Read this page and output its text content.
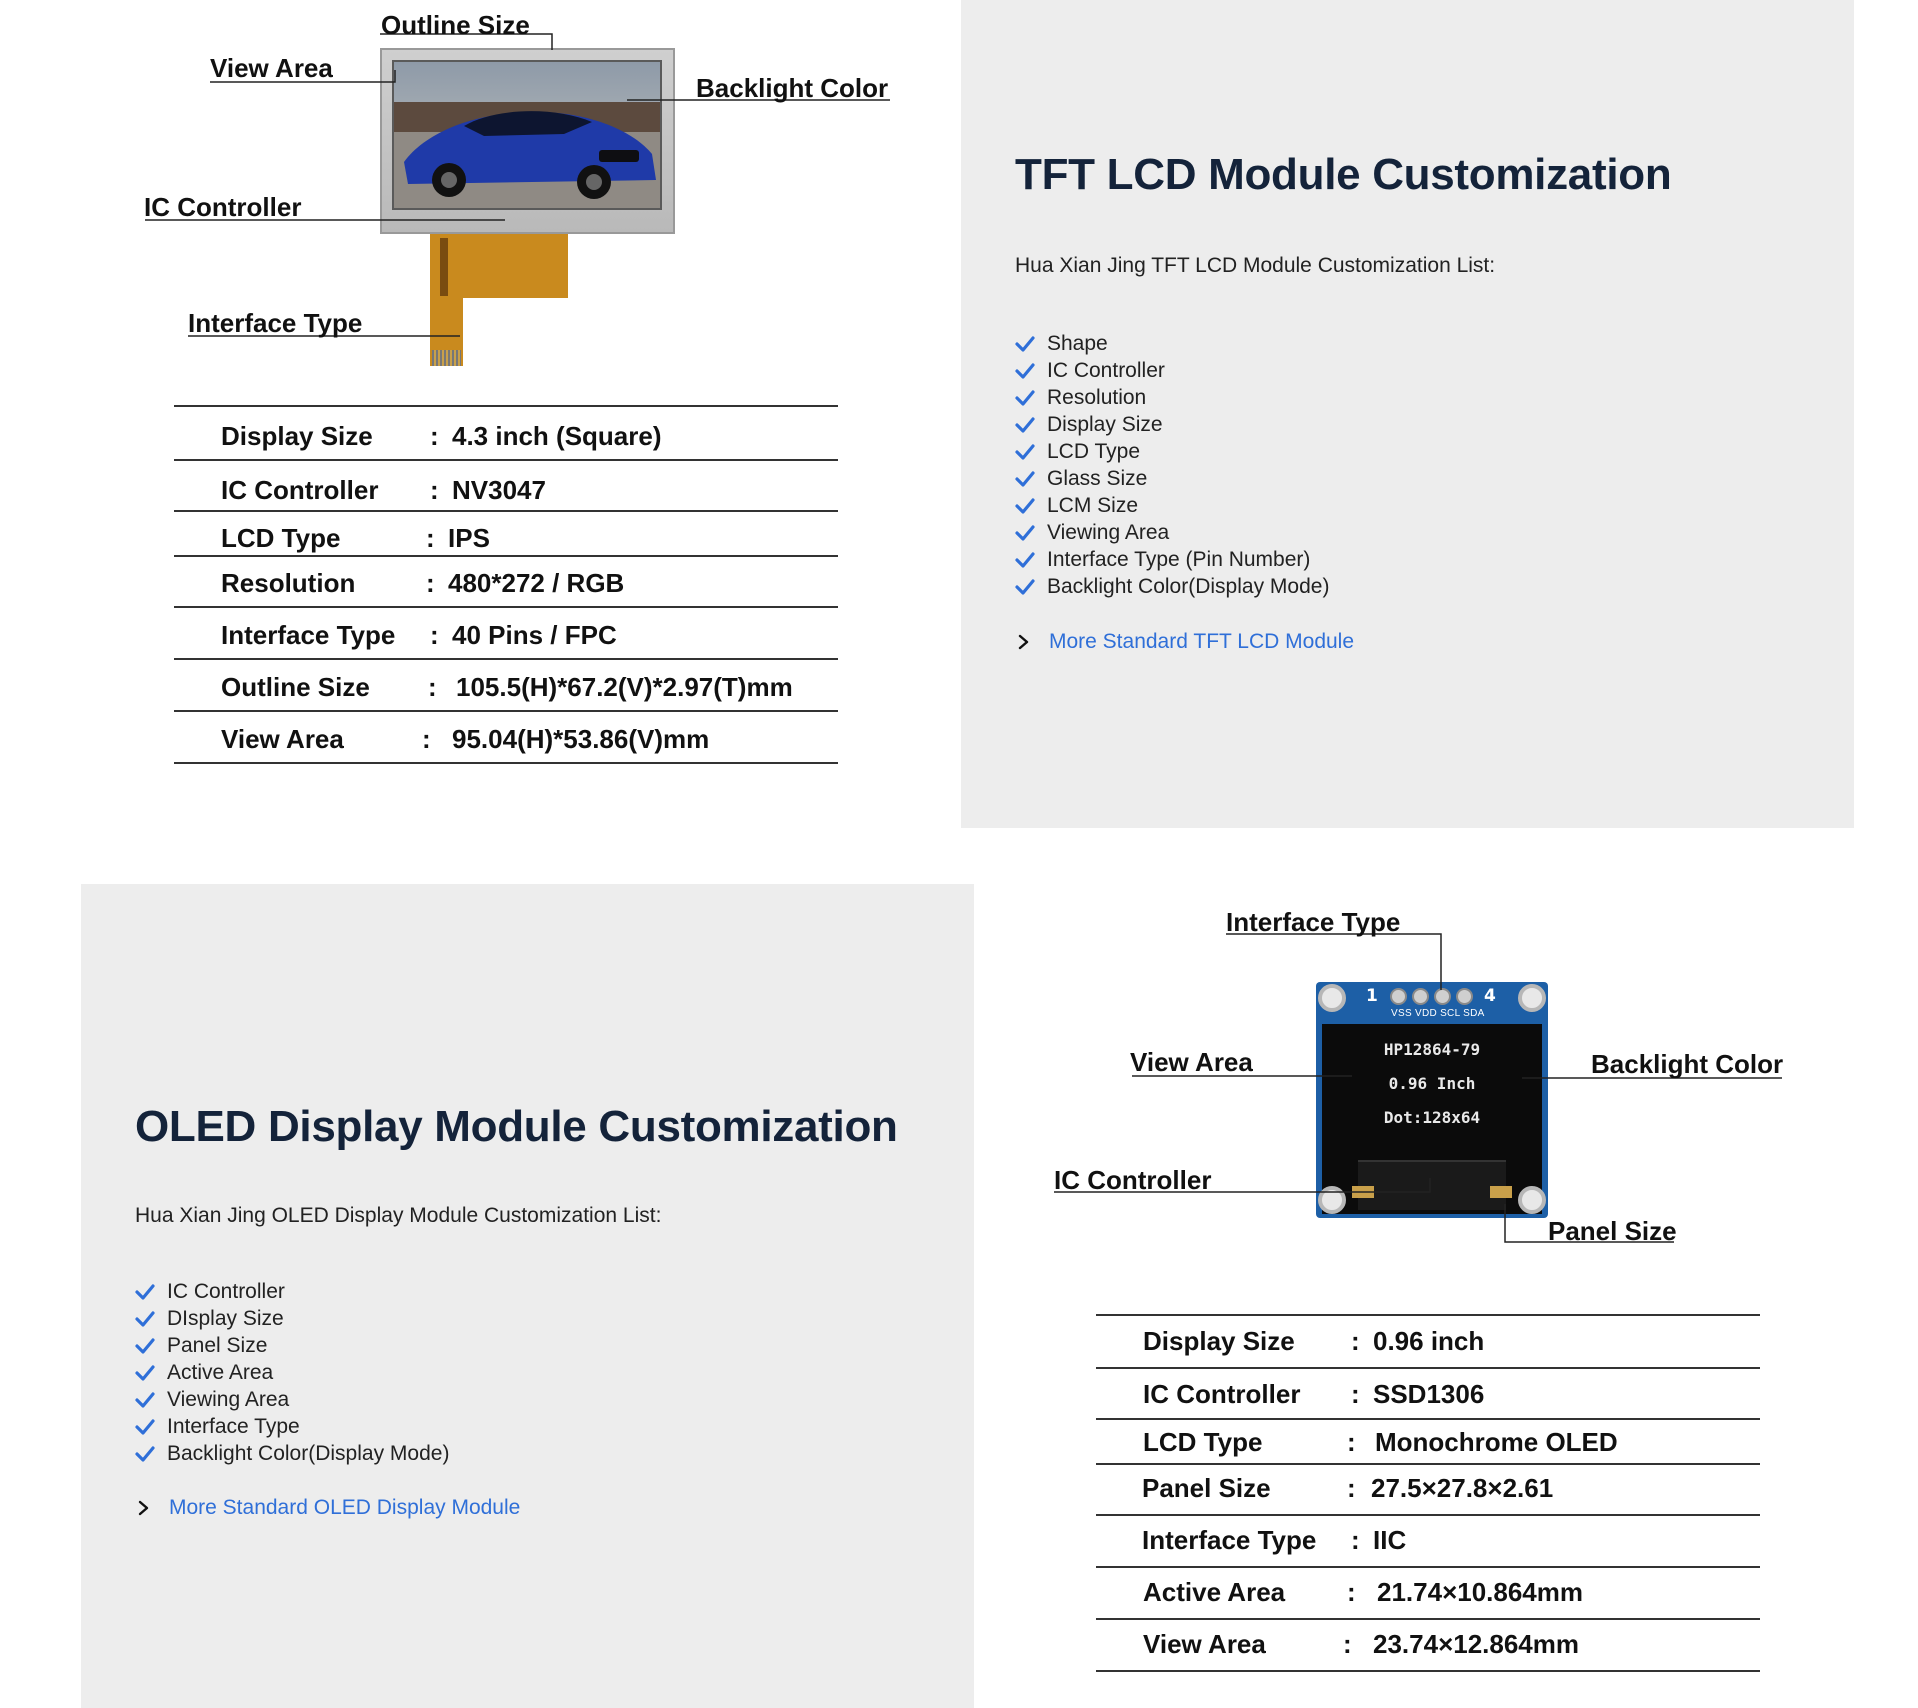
Outline Size
View Area
Backlight Color
IC Controller
Interface Type
Display Size : 4.3 inch (Square)
IC Controller : NV3047
LCD Type	: IPS
Resolution	: 480*272 / RGB
Interface Type : 40 Pins / FPC
Outline Size : 105.5(H)*67.2(V)*2.97(T)mm
View Area	: 95.04(H)*53.86(V)mm
TFT LCD Module Customization
Hua Xian Jing TFT LCD Module Customization List:
Shape
IC Controller
Resolution
Display Size
LCD Type
Glass Size
LCM Size
Viewing Area
Interface Type (Pin Number)
Backlight Color(Display Mode)
More Standard TFT LCD Module
OLED Display Module Customization
Hua Xian Jing OLED Display Module Customization List:
IC Controller
DIsplay Size
Panel Size
Active Area
Viewing Area
Interface Type
Backlight Color(Display Mode)
More Standard OLED Display Module
HP12864-79
0.96 Inch
Dot:128x64
1	4
VSS VDD SCL SDA
Interface Type
View Area	Backlight Color
IC Controller
Panel Size
Display Size : 0.96 inch
IC Controller : SSD1306
LCD Type	: Monochrome OLED
Panel Size	: 27.5×27.8×2.61
Interface Type : IIC
Active Area : 21.74×10.864mm
View Area	: 23.74×12.864mm
